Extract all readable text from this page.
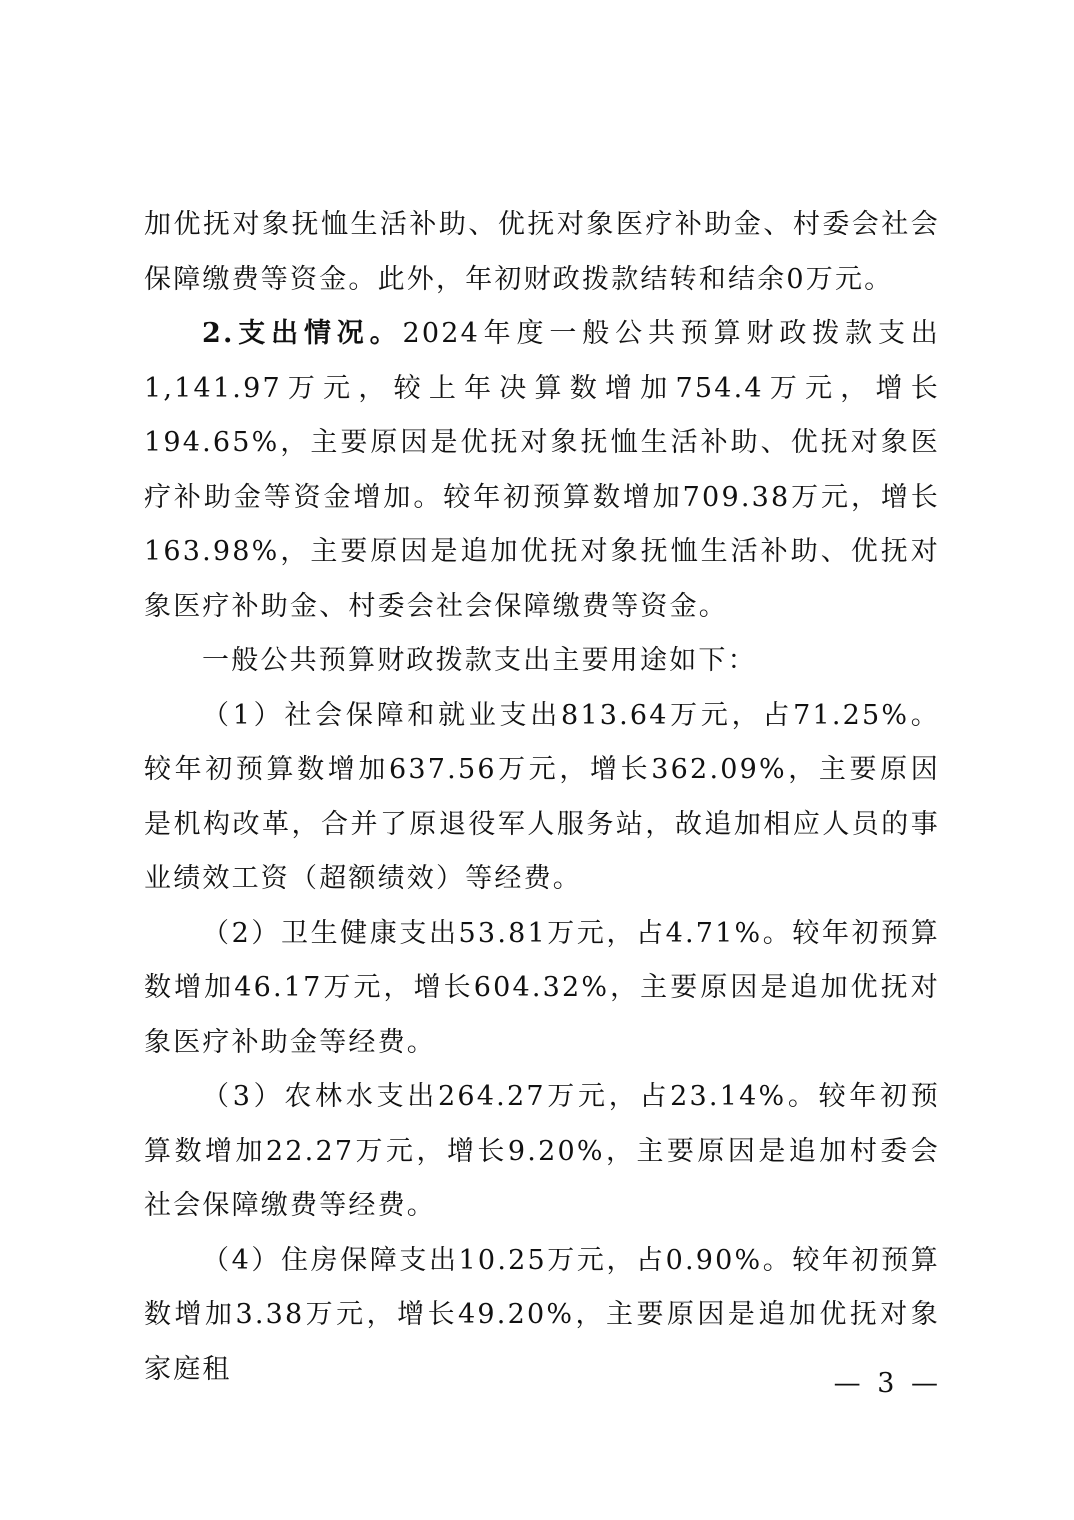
加优抚对象抚恤生活补助、优抚对象医疗补助金、村委会社会保障缴费等资金。此外，年初财政拨款结转和结余0万元。

2.支出情况。2024年度一般公共预算财政拨款支出1,141.97万元，较上年决算数增加754.4万元，增长194.65%，主要原因是优抚对象抚恤生活补助、优抚对象医疗补助金等资金增加。较年初预算数增加709.38万元，增长163.98%，主要原因是追加优抚对象抚恤生活补助、优抚对象医疗补助金、村委会社会保障缴费等资金。

一般公共预算财政拨款支出主要用途如下：

（1）社会保障和就业支出813.64万元，占71.25%。较年初预算数增加637.56万元，增长362.09%，主要原因是机构改革，合并了原退役军人服务站，故追加相应人员的事业绩效工资（超额绩效）等经费。

（2）卫生健康支出53.81万元，占4.71%。较年初预算数增加46.17万元，增长604.32%，主要原因是追加优抚对象医疗补助金等经费。

（3）农林水支出264.27万元，占23.14%。较年初预算数增加22.27万元，增长9.20%，主要原因是追加村委会社会保障缴费等经费。

（4）住房保障支出10.25万元，占0.90%。较年初预算数增加3.38万元，增长49.20%，主要原因是追加优抚对象家庭租	— 3 —
